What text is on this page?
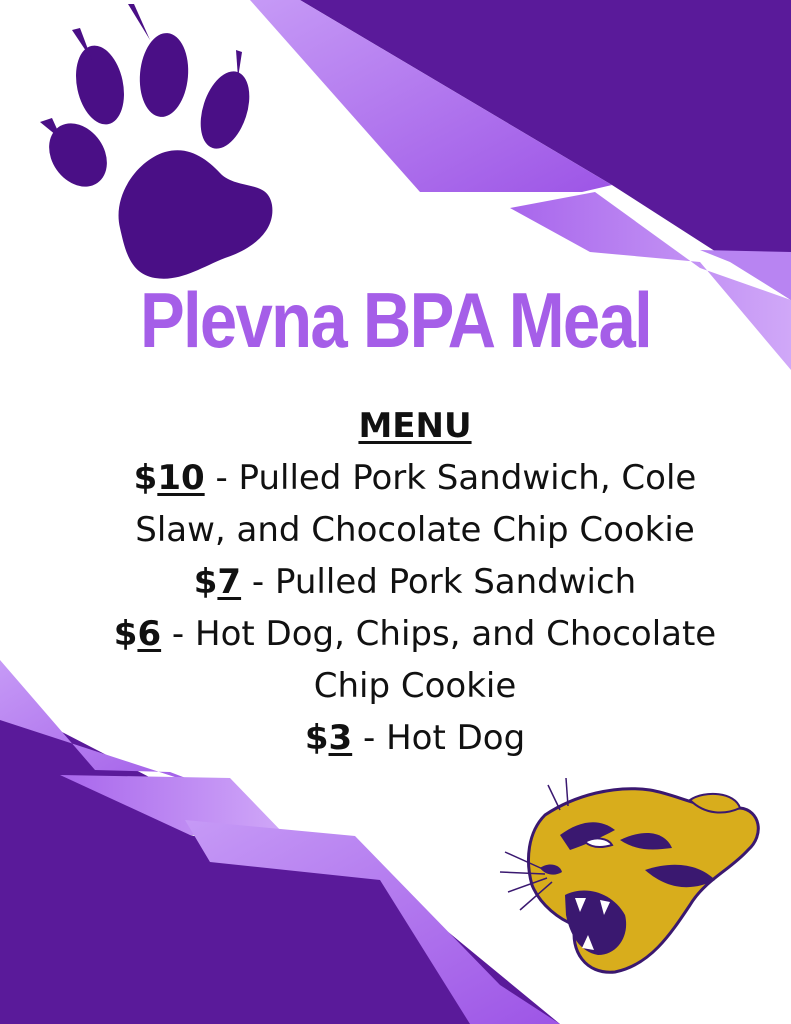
Plevna BPA Meal
MENU
$10 - Pulled Pork Sandwich, Cole Slaw, and Chocolate Chip Cookie
$7 - Pulled Pork Sandwich
$6 - Hot Dog, Chips, and Chocolate Chip Cookie
$3 - Hot Dog
